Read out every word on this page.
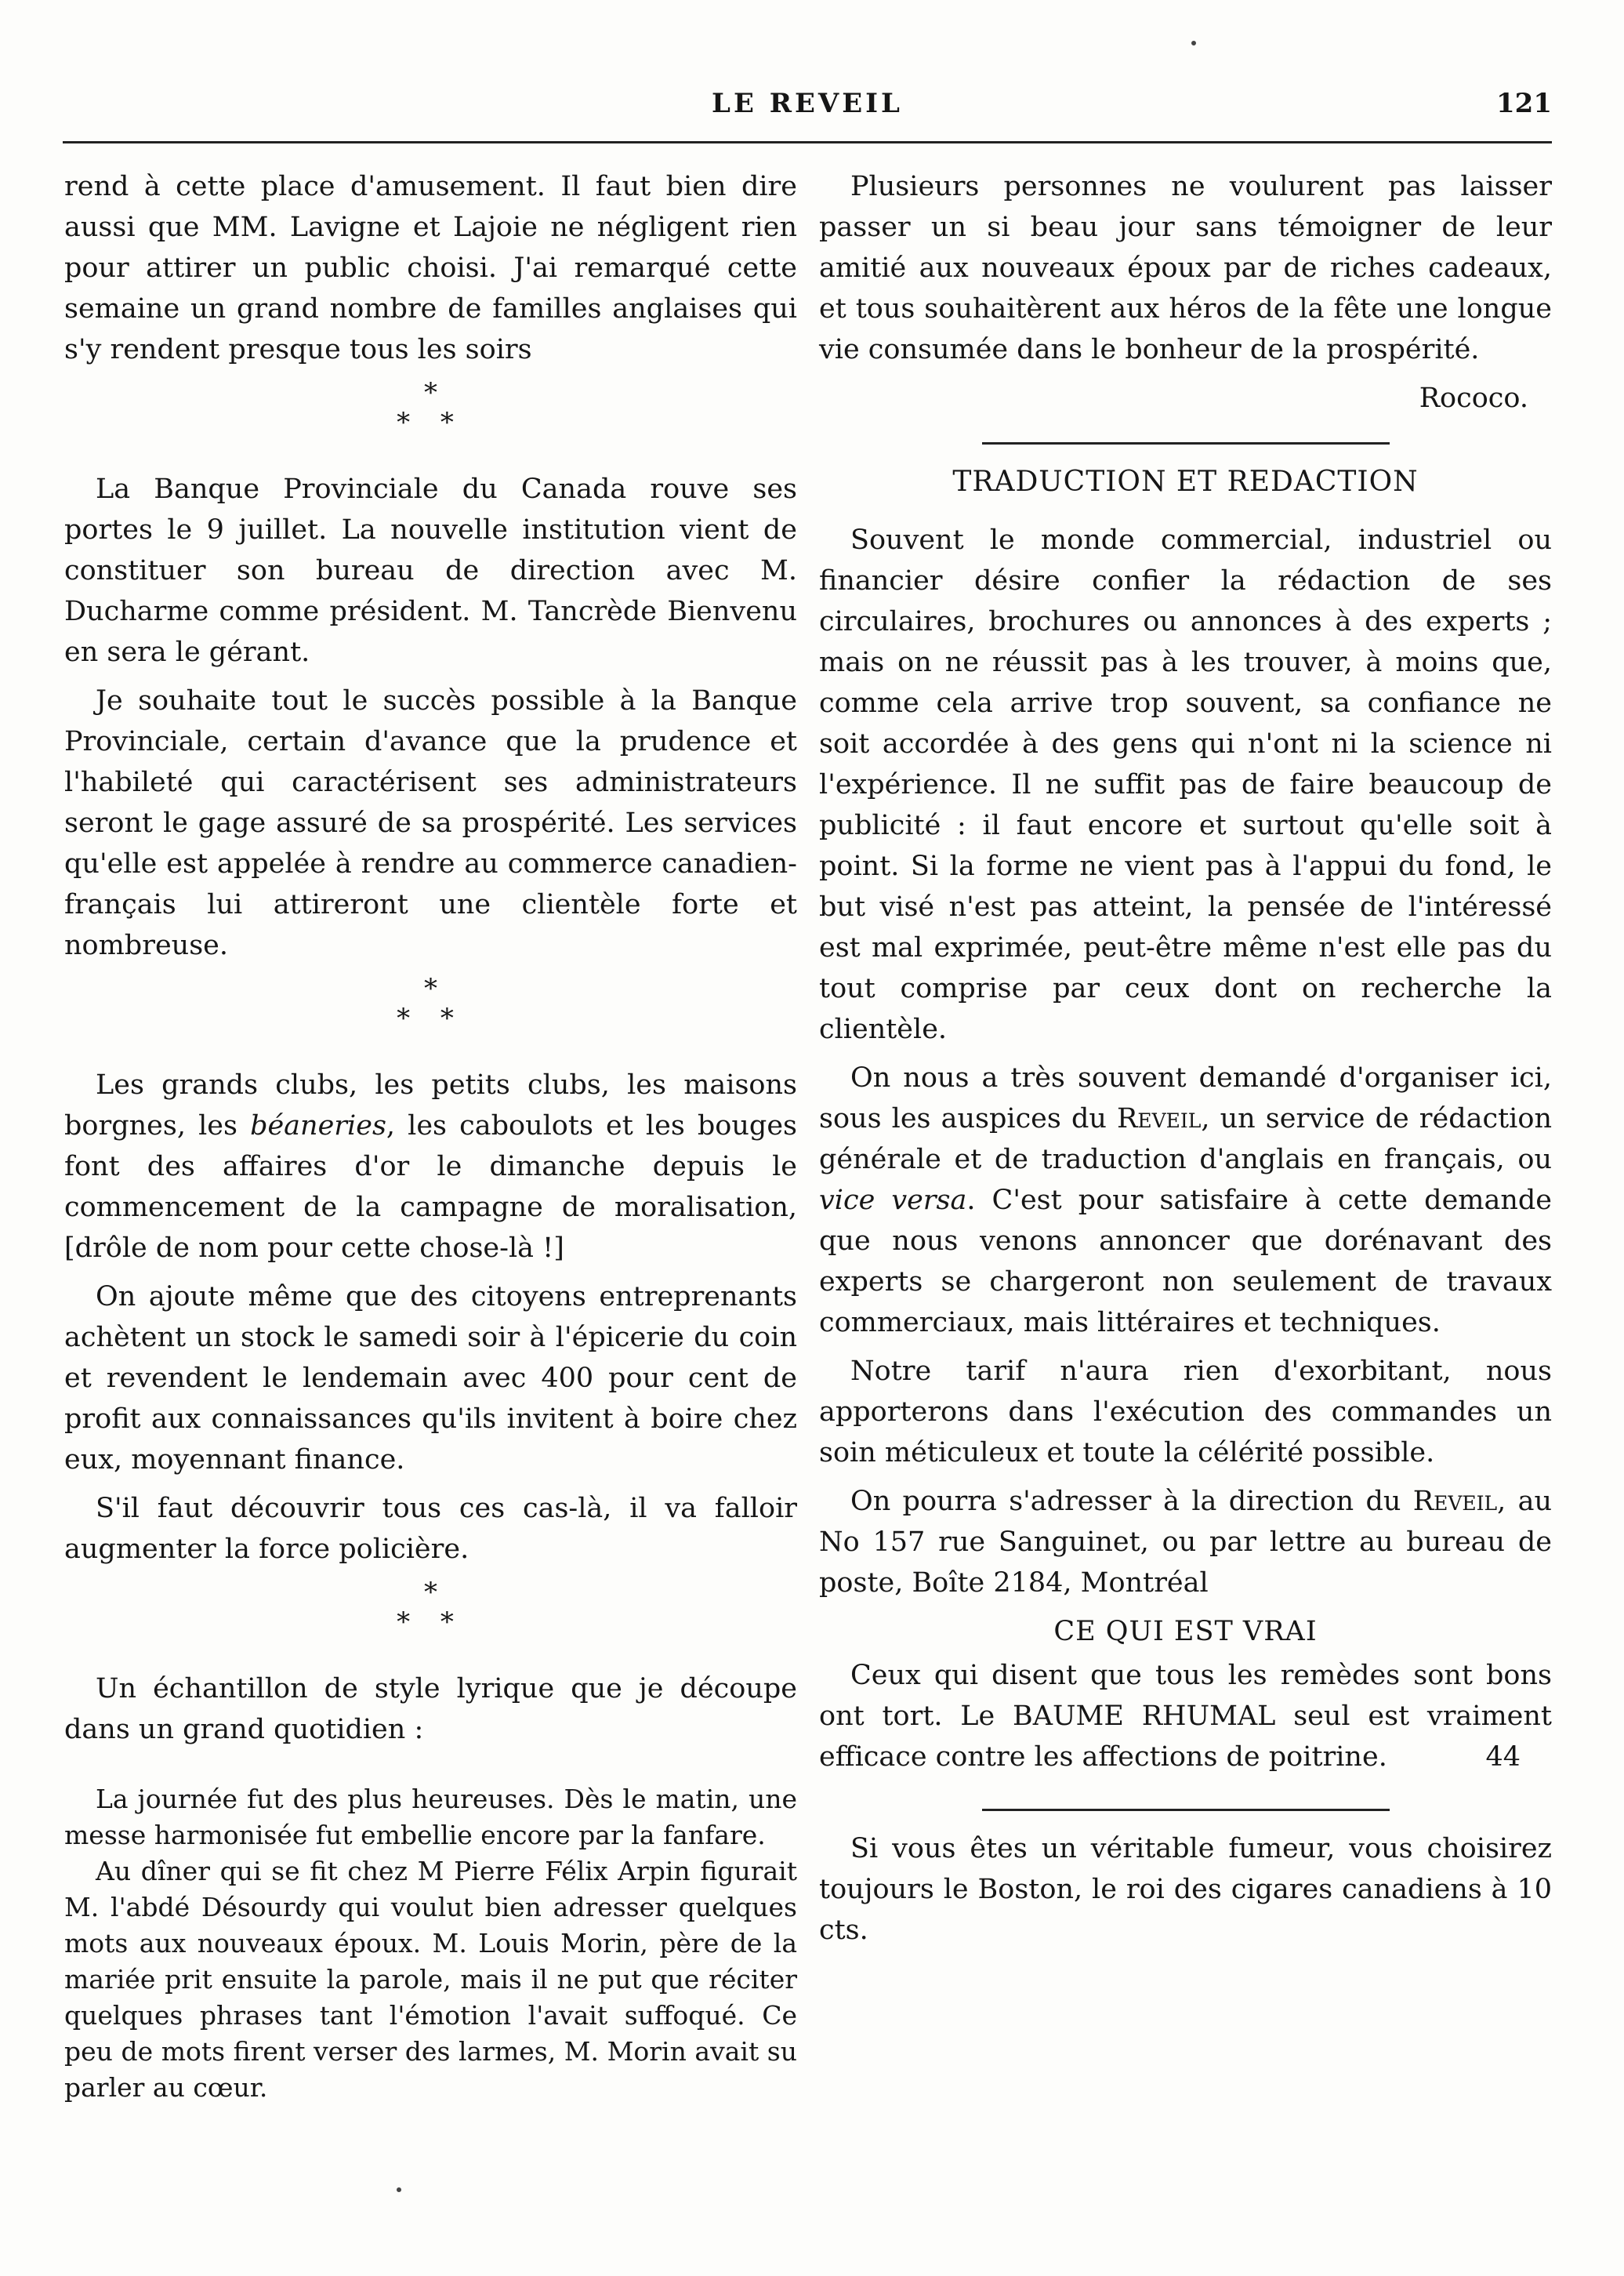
LE REVEIL	121

rend à cette place d'amusement. Il faut bien dire aussi que MM. Lavigne et Lajoie ne négligent rien pour attirer un public choisi. J'ai remarqué cette semaine un grand nombre de familles anglaises qui s'y rendent presque tous les soirs

*
* *

La Banque Provinciale du Canada rouve ses portes le 9 juillet. La nouvelle institution vient de constituer son bureau de direction avec M. Ducharme comme président. M. Tancrède Bienvenu en sera le gérant.

Je souhaite tout le succès possible à la Banque Provinciale, certain d'avance que la prudence et l'habileté qui caractérisent ses administrateurs seront le gage assuré de sa prospérité. Les services qu'elle est appelée à rendre au commerce canadien-français lui attireront une clientèle forte et nombreuse.

*
* *

Les grands clubs, les petits clubs, les maisons borgnes, les béaneries, les caboulots et les bouges font des affaires d'or le dimanche depuis le commencement de la campagne de moralisation, [drôle de nom pour cette chose-là !]

On ajoute même que des citoyens entreprenants achètent un stock le samedi soir à l'épicerie du coin et revendent le lendemain avec 400 pour cent de profit aux connaissances qu'ils invitent à boire chez eux, moyennant finance.

S'il faut découvrir tous ces cas-là, il va falloir augmenter la force policière.

*
* *

Un échantillon de style lyrique que je découpe dans un grand quotidien :

La journée fut des plus heureuses. Dès le matin, une messe harmonisée fut embellie encore par la fanfare.

Au dîner qui se fit chez M Pierre Félix Arpin figurait M. l'abdé Désourdy qui voulut bien adresser quelques mots aux nouveaux époux. M. Louis Morin, père de la mariée prit ensuite la parole, mais il ne put que réciter quelques phrases tant l'émotion l'avait suffoqué. Ce peu de mots firent verser des larmes, M. Morin avait su parler au cœur.

Plusieurs personnes ne voulurent pas laisser passer un si beau jour sans témoigner de leur amitié aux nouveaux époux par de riches cadeaux, et tous souhaitèrent aux héros de la fête une longue vie consumée dans le bonheur de la prospérité.

Rococo.
TRADUCTION ET REDACTION

Souvent le monde commercial, industriel ou financier désire confier la rédaction de ses circulaires, brochures ou annonces à des experts ; mais on ne réussit pas à les trouver, à moins que, comme cela arrive trop souvent, sa confiance ne soit accordée à des gens qui n'ont ni la science ni l'expérience. Il ne suffit pas de faire beaucoup de publicité : il faut encore et surtout qu'elle soit à point. Si la forme ne vient pas à l'appui du fond, le but visé n'est pas atteint, la pensée de l'intéressé est mal exprimée, peut-être même n'est elle pas du tout comprise par ceux dont on recherche la clientèle.

On nous a très souvent demandé d'organiser ici, sous les auspices du Reveil, un service de rédaction générale et de traduction d'anglais en français, ou vice versa. C'est pour satisfaire à cette demande que nous venons annoncer que dorénavant des experts se chargeront non seulement de travaux commerciaux, mais littéraires et techniques.

Notre tarif n'aura rien d'exorbitant, nous apporterons dans l'exécution des commandes un soin méticuleux et toute la célérité possible.

On pourra s'adresser à la direction du Reveil, au No 157 rue Sanguinet, ou par lettre au bureau de poste, Boîte 2184, Montréal

CE QUI EST VRAI

Ceux qui disent que tous les remèdes sont bons ont tort. Le BAUME RHUMAL seul est vraiment efficace contre les affections de poitrine.	44

Si vous êtes un véritable fumeur, vous choisirez toujours le Boston, le roi des cigares canadiens à 10 cts.
